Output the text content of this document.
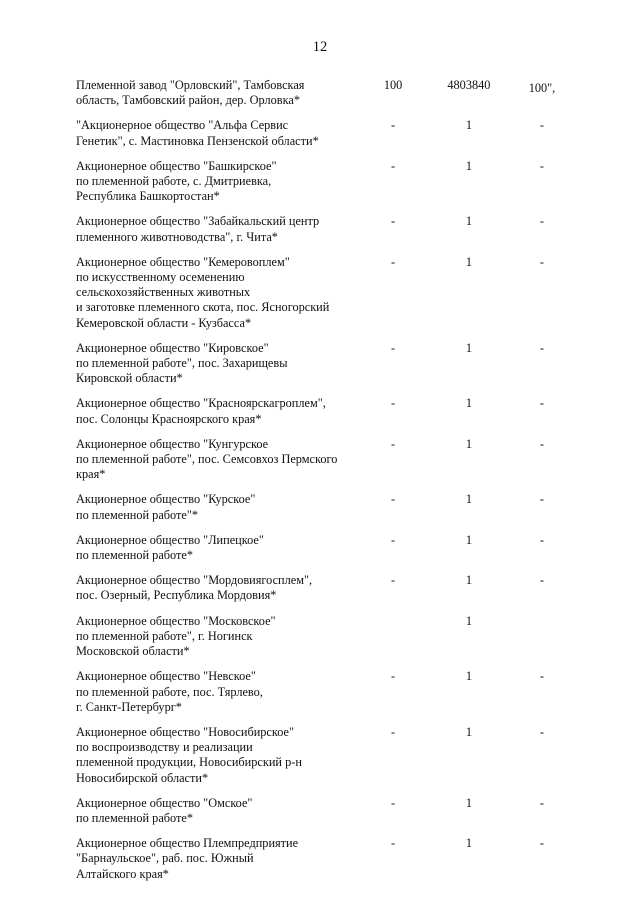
12
Племенной завод "Орловский", Тамбовская
область, Тамбовский район, дер. Орловка*
100	4803840	100",
"Акционерное общество "Альфа Сервис
Генетик", с. Мастиновка Пензенской области*
-	1	-
Акционерное общество "Башкирское"
по племенной работе, с. Дмитриевка,
Республика Башкортостан*
-	1	-
Акционерное общество "Забайкальский центр
племенного животноводства", г. Чита*
-	1	-
Акционерное общество "Кемеровоплем"
по искусственному осеменению
сельскохозяйственных животных
и заготовке племенного скота, пос. Ясногорский
Кемеровской области - Кузбасса*
-	1	-
Акционерное общество "Кировское"
по племенной работе", пос. Захарищевы
Кировской области*
-	1	-
Акционерное общество "Красноярскагроплем",
пос. Солонцы Красноярского края*
-	1	-
Акционерное общество "Кунгурское
по племенной работе", пос. Семсовхоз Пермского
края*
-	1	-
Акционерное общество "Курское"
по племенной работе"*
-	1	-
Акционерное общество "Липецкое"
по племенной работе*
-	1	-
Акционерное общество "Мордовиягосплем",
пос. Озерный, Республика Мордовия*
-	1	-
Акционерное общество "Московское"
по племенной работе", г. Ногинск
Московской области*
1
Акционерное общество "Невское"
по племенной работе, пос. Тярлево,
г. Санкт-Петербург*
-	1	-
Акционерное общество "Новосибирское"
по воспроизводству и реализации
племенной продукции, Новосибирский р-н
Новосибирской области*
-	1	-
Акционерное общество "Омское"
по племенной работе*
-	1	-
Акционерное общество Племпредприятие
"Барнаульское", раб. пос. Южный
Алтайского края*
-	1	-
